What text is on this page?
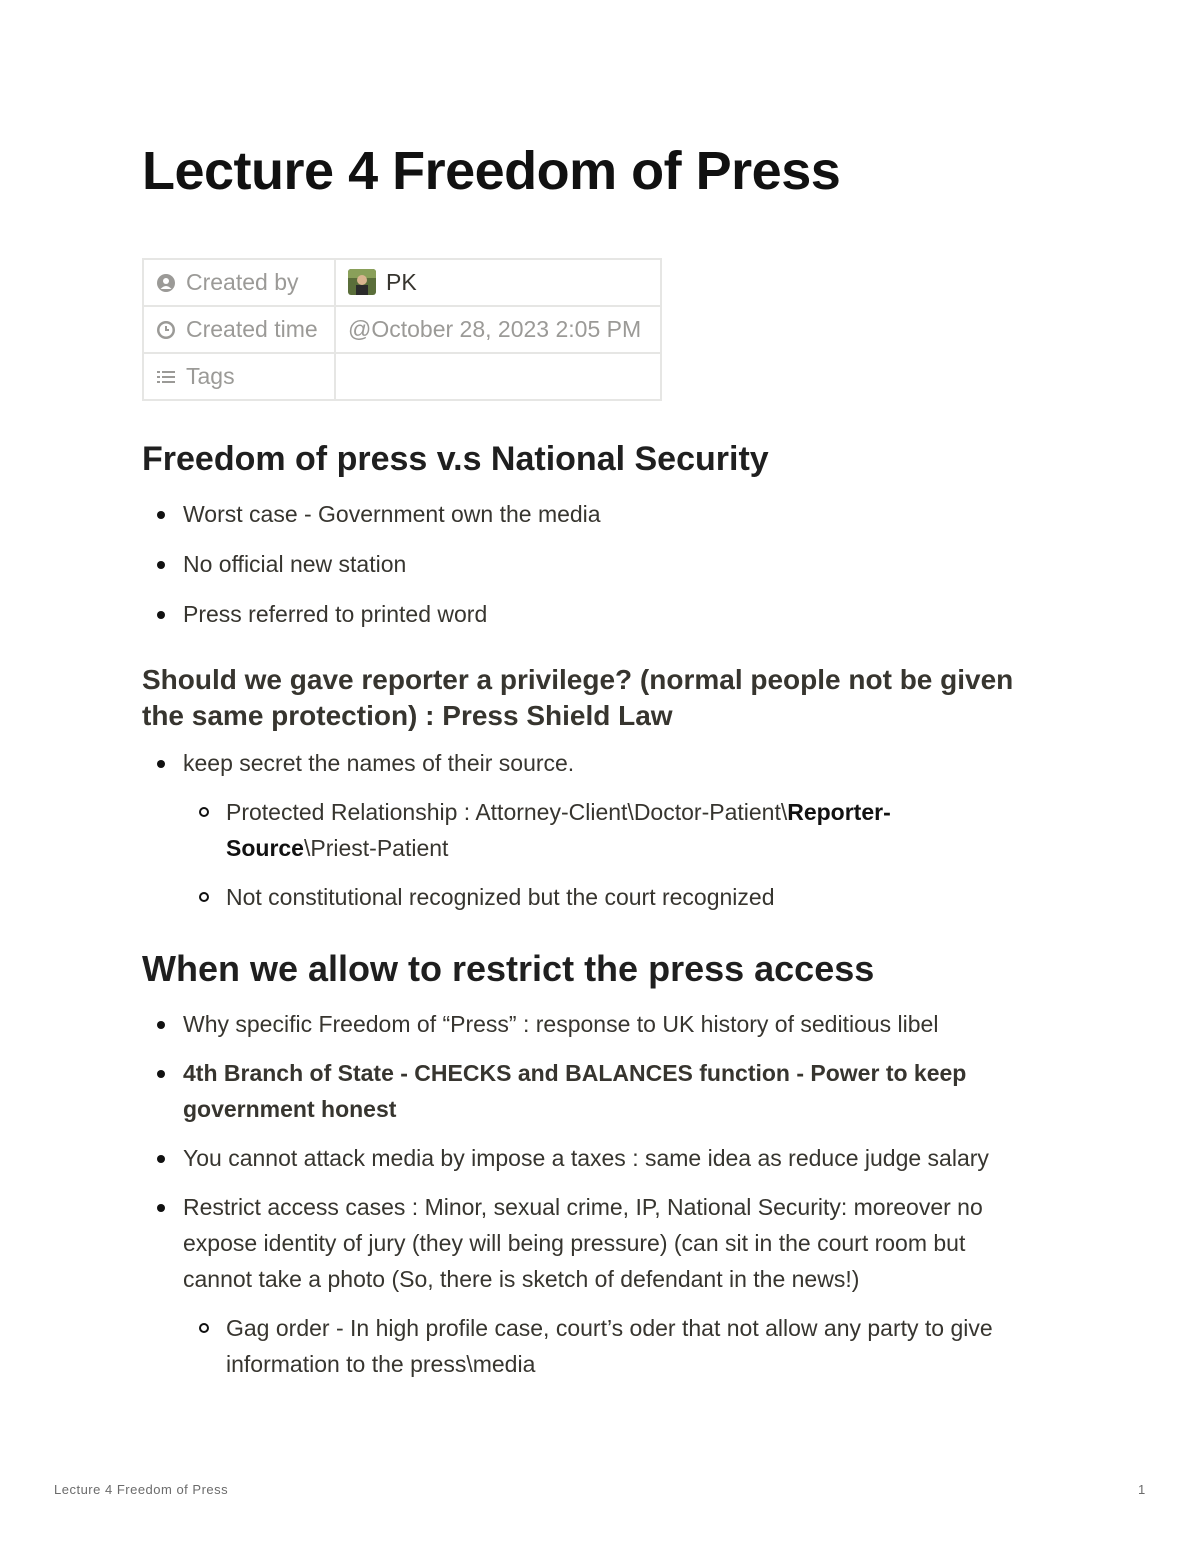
Lecture 4 Freedom of Press
Created by	PK
Created time	@October 28, 2023 2:05 PM
Tags	
Freedom of press v.s National Security
Worst case - Government own the media
No official new station
Press referred to printed word
Should we gave reporter a privilege? (normal people not be given
the same protection) : Press Shield Law
keep secret the names of their source.
Protected Relationship : Attorney-Client\Doctor-Patient\Reporter-
Source\Priest-Patient
Not constitutional recognized but the court recognized
When we allow to restrict the press access
Why specific Freedom of “Press” : response to UK history of seditious libel
4th Branch of State - CHECKS and BALANCES function - Power to keep
government honest
You cannot attack media by impose a taxes : same idea as reduce judge salary
Restrict access cases : Minor, sexual crime, IP, National Security: moreover no
expose identity of jury (they will being pressure) (can sit in the court room but
cannot take a photo (So, there is sketch of defendant in the news!)
Gag order - In high profile case, court’s oder that not allow any party to give
information to the press\media
Lecture 4 Freedom of Press	1
